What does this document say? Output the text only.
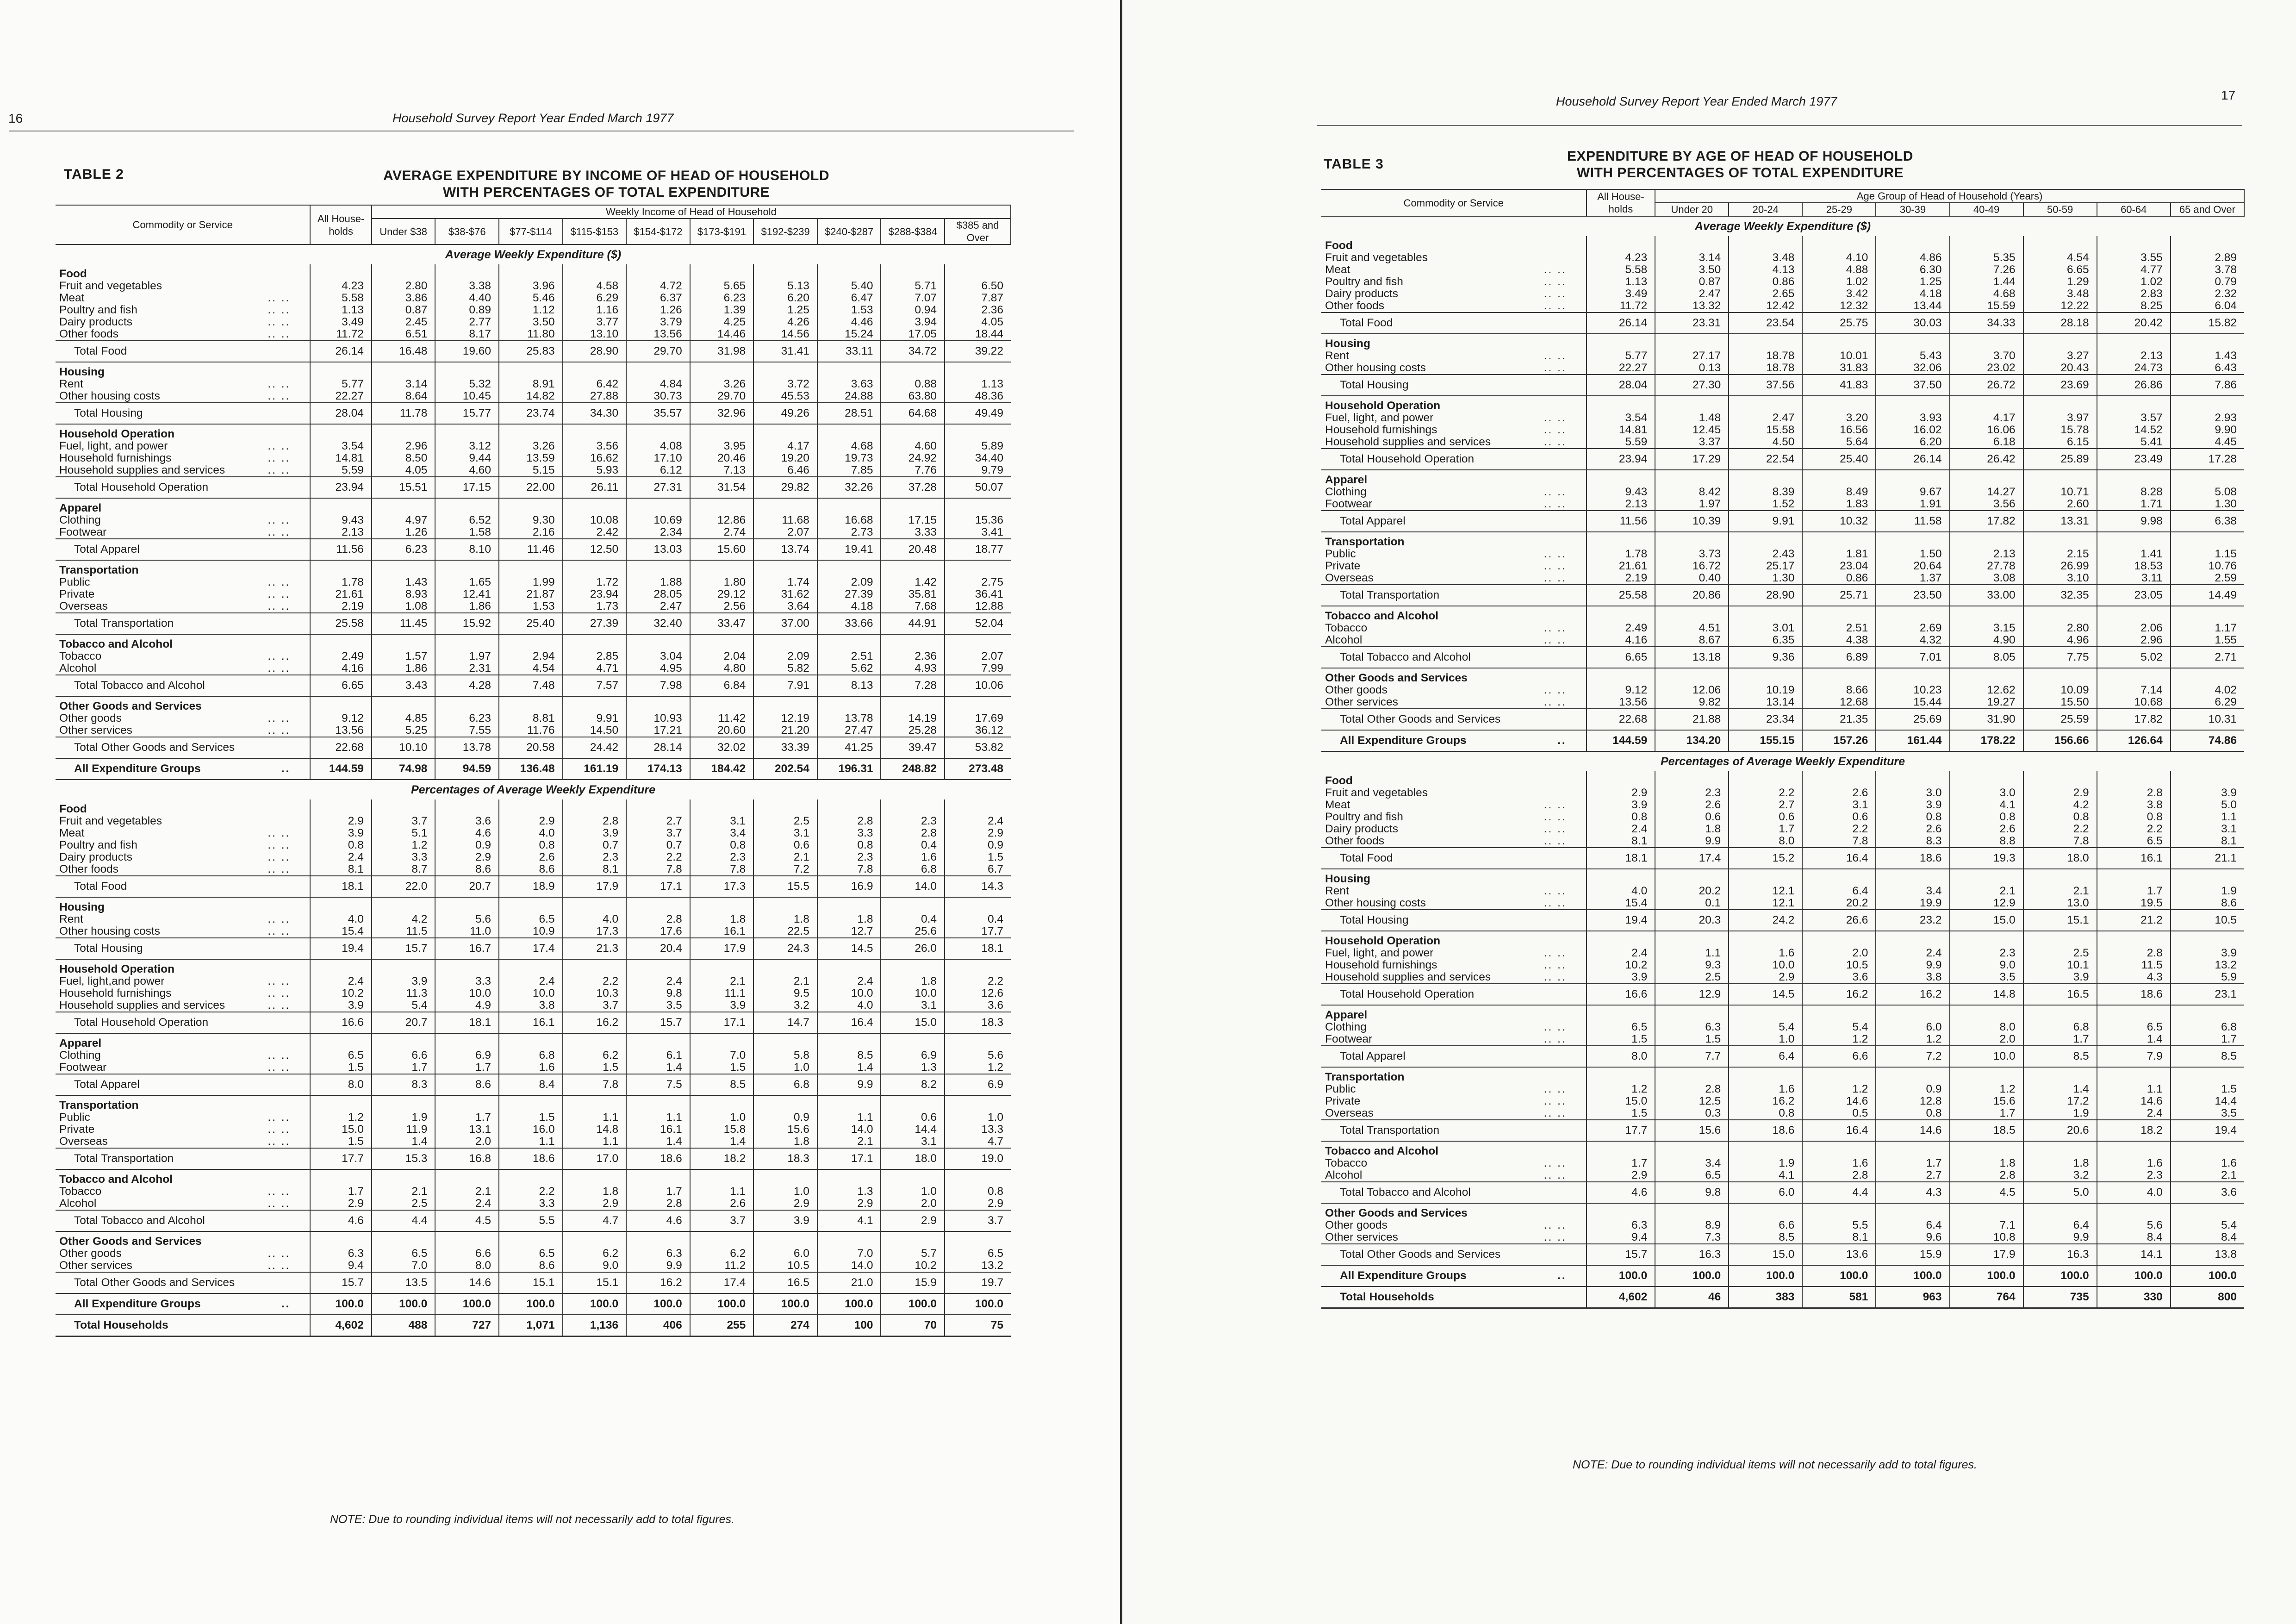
16	Household Survey Report Year Ended March 1977
TABLE 2	AVERAGE EXPENDITURE BY INCOME OF HEAD OF HOUSEHOLD
WITH PERCENTAGES OF TOTAL EXPENDITURE
Commodity or Service	All House-holds	Weekly Income of Head of Household									
		Under $38	$38-$76	$77-$114	$115-$153	$154-$172	$173-$191	$192-$239	$240-$287	$288-$384	$385 and Over
Average Weekly Expenditure ($)											
Food											
Fruit and vegetables	4.23	2.80	3.38	3.96	4.58	4.72	5.65	5.13	5.40	5.71	6.50
Meat .. ..	5.58	3.86	4.40	5.46	6.29	6.37	6.23	6.20	6.47	7.07	7.87
Poultry and fish .. ..	1.13	0.87	0.89	1.12	1.16	1.26	1.39	1.25	1.53	0.94	2.36
Dairy products .. ..	3.49	2.45	2.77	3.50	3.77	3.79	4.25	4.26	4.46	3.94	4.05
Other foods .. ..	11.72	6.51	8.17	11.80	13.10	13.56	14.46	14.56	15.24	17.05	18.44
Total Food	26.14	16.48	19.60	25.83	28.90	29.70	31.98	31.41	33.11	34.72	39.22
Housing											
Rent .. ..	5.77	3.14	5.32	8.91	6.42	4.84	3.26	3.72	3.63	0.88	1.13
Other housing costs .. ..	22.27	8.64	10.45	14.82	27.88	30.73	29.70	45.53	24.88	63.80	48.36
Total Housing	28.04	11.78	15.77	23.74	34.30	35.57	32.96	49.26	28.51	64.68	49.49
Household Operation											
Fuel, light, and power .. ..	3.54	2.96	3.12	3.26	3.56	4.08	3.95	4.17	4.68	4.60	5.89
Household furnishings .. ..	14.81	8.50	9.44	13.59	16.62	17.10	20.46	19.20	19.73	24.92	34.40
Household supplies and services .. ..	5.59	4.05	4.60	5.15	5.93	6.12	7.13	6.46	7.85	7.76	9.79
Total Household Operation	23.94	15.51	17.15	22.00	26.11	27.31	31.54	29.82	32.26	37.28	50.07
Apparel											
Clothing .. ..	9.43	4.97	6.52	9.30	10.08	10.69	12.86	11.68	16.68	17.15	15.36
Footwear .. ..	2.13	1.26	1.58	2.16	2.42	2.34	2.74	2.07	2.73	3.33	3.41
Total Apparel	11.56	6.23	8.10	11.46	12.50	13.03	15.60	13.74	19.41	20.48	18.77
Transportation											
Public .. ..	1.78	1.43	1.65	1.99	1.72	1.88	1.80	1.74	2.09	1.42	2.75
Private .. ..	21.61	8.93	12.41	21.87	23.94	28.05	29.12	31.62	27.39	35.81	36.41
Overseas .. ..	2.19	1.08	1.86	1.53	1.73	2.47	2.56	3.64	4.18	7.68	12.88
Total Transportation	25.58	11.45	15.92	25.40	27.39	32.40	33.47	37.00	33.66	44.91	52.04
Tobacco and Alcohol											
Tobacco .. ..	2.49	1.57	1.97	2.94	2.85	3.04	2.04	2.09	2.51	2.36	2.07
Alcohol .. ..	4.16	1.86	2.31	4.54	4.71	4.95	4.80	5.82	5.62	4.93	7.99
Total Tobacco and Alcohol	6.65	3.43	4.28	7.48	7.57	7.98	6.84	7.91	8.13	7.28	10.06
Other Goods and Services											
Other goods .. ..	9.12	4.85	6.23	8.81	9.91	10.93	11.42	12.19	13.78	14.19	17.69
Other services .. ..	13.56	5.25	7.55	11.76	14.50	17.21	20.60	21.20	27.47	25.28	36.12
Total Other Goods and Services	22.68	10.10	13.78	20.58	24.42	28.14	32.02	33.39	41.25	39.47	53.82
All Expenditure Groups ..	144.59	74.98	94.59	136.48	161.19	174.13	184.42	202.54	196.31	248.82	273.48
Percentages of Average Weekly Expenditure											
Food											
Fruit and vegetables	2.9	3.7	3.6	2.9	2.8	2.7	3.1	2.5	2.8	2.3	2.4
Meat .. ..	3.9	5.1	4.6	4.0	3.9	3.7	3.4	3.1	3.3	2.8	2.9
Poultry and fish .. ..	0.8	1.2	0.9	0.8	0.7	0.7	0.8	0.6	0.8	0.4	0.9
Dairy products .. ..	2.4	3.3	2.9	2.6	2.3	2.2	2.3	2.1	2.3	1.6	1.5
Other foods .. ..	8.1	8.7	8.6	8.6	8.1	7.8	7.8	7.2	7.8	6.8	6.7
Total Food	18.1	22.0	20.7	18.9	17.9	17.1	17.3	15.5	16.9	14.0	14.3
Housing											
Rent .. ..	4.0	4.2	5.6	6.5	4.0	2.8	1.8	1.8	1.8	0.4	0.4
Other housing costs .. ..	15.4	11.5	11.0	10.9	17.3	17.6	16.1	22.5	12.7	25.6	17.7
Total Housing	19.4	15.7	16.7	17.4	21.3	20.4	17.9	24.3	14.5	26.0	18.1
Household Operation											
Fuel, light,and power .. ..	2.4	3.9	3.3	2.4	2.2	2.4	2.1	2.1	2.4	1.8	2.2
Household furnishings .. ..	10.2	11.3	10.0	10.0	10.3	9.8	11.1	9.5	10.0	10.0	12.6
Household supplies and services .. ..	3.9	5.4	4.9	3.8	3.7	3.5	3.9	3.2	4.0	3.1	3.6
Total Household Operation	16.6	20.7	18.1	16.1	16.2	15.7	17.1	14.7	16.4	15.0	18.3
Apparel											
Clothing .. ..	6.5	6.6	6.9	6.8	6.2	6.1	7.0	5.8	8.5	6.9	5.6
Footwear .. ..	1.5	1.7	1.7	1.6	1.5	1.4	1.5	1.0	1.4	1.3	1.2
Total Apparel	8.0	8.3	8.6	8.4	7.8	7.5	8.5	6.8	9.9	8.2	6.9
Transportation											
Public .. ..	1.2	1.9	1.7	1.5	1.1	1.1	1.0	0.9	1.1	0.6	1.0
Private .. ..	15.0	11.9	13.1	16.0	14.8	16.1	15.8	15.6	14.0	14.4	13.3
Overseas .. ..	1.5	1.4	2.0	1.1	1.1	1.4	1.4	1.8	2.1	3.1	4.7
Total Transportation	17.7	15.3	16.8	18.6	17.0	18.6	18.2	18.3	17.1	18.0	19.0
Tobacco and Alcohol											
Tobacco .. ..	1.7	2.1	2.1	2.2	1.8	1.7	1.1	1.0	1.3	1.0	0.8
Alcohol .. ..	2.9	2.5	2.4	3.3	2.9	2.8	2.6	2.9	2.9	2.0	2.9
Total Tobacco and Alcohol	4.6	4.4	4.5	5.5	4.7	4.6	3.7	3.9	4.1	2.9	3.7
Other Goods and Services											
Other goods .. ..	6.3	6.5	6.6	6.5	6.2	6.3	6.2	6.0	7.0	5.7	6.5
Other services .. ..	9.4	7.0	8.0	8.6	9.0	9.9	11.2	10.5	14.0	10.2	13.2
Total Other Goods and Services	15.7	13.5	14.6	15.1	15.1	16.2	17.4	16.5	21.0	15.9	19.7
All Expenditure Groups ..	100.0	100.0	100.0	100.0	100.0	100.0	100.0	100.0	100.0	100.0	100.0
Total Households	4,602	488	727	1,071	1,136	406	255	274	100	70	75
NOTE: Due to rounding individual items will not necessarily add to total figures.
17
Household Survey Report Year Ended March 1977
TABLE 3
EXPENDITURE BY AGE OF HEAD OF HOUSEHOLD
WITH PERCENTAGES OF TOTAL EXPENDITURE
Commodity or Service	All House-holds	Age Group of Head of Household (Years)							
		Under 20	20-24	25-29	30-39	40-49	50-59	60-64	65 and Over
Average Weekly Expenditure ($)									
Food									
Fruit and vegetables	4.23	3.14	3.48	4.10	4.86	5.35	4.54	3.55	2.89
Meat .. ..	5.58	3.50	4.13	4.88	6.30	7.26	6.65	4.77	3.78
Poultry and fish .. ..	1.13	0.87	0.86	1.02	1.25	1.44	1.29	1.02	0.79
Dairy products .. ..	3.49	2.47	2.65	3.42	4.18	4.68	3.48	2.83	2.32
Other foods .. ..	11.72	13.32	12.42	12.32	13.44	15.59	12.22	8.25	6.04
Total Food	26.14	23.31	23.54	25.75	30.03	34.33	28.18	20.42	15.82
Housing									
Rent .. ..	5.77	27.17	18.78	10.01	5.43	3.70	3.27	2.13	1.43
Other housing costs .. ..	22.27	0.13	18.78	31.83	32.06	23.02	20.43	24.73	6.43
Total Housing	28.04	27.30	37.56	41.83	37.50	26.72	23.69	26.86	7.86
Household Operation									
Fuel, light, and power .. ..	3.54	1.48	2.47	3.20	3.93	4.17	3.97	3.57	2.93
Household furnishings .. ..	14.81	12.45	15.58	16.56	16.02	16.06	15.78	14.52	9.90
Household supplies and services .. ..	5.59	3.37	4.50	5.64	6.20	6.18	6.15	5.41	4.45
Total Household Operation	23.94	17.29	22.54	25.40	26.14	26.42	25.89	23.49	17.28
Apparel									
Clothing .. ..	9.43	8.42	8.39	8.49	9.67	14.27	10.71	8.28	5.08
Footwear .. ..	2.13	1.97	1.52	1.83	1.91	3.56	2.60	1.71	1.30
Total Apparel	11.56	10.39	9.91	10.32	11.58	17.82	13.31	9.98	6.38
Transportation									
Public .. ..	1.78	3.73	2.43	1.81	1.50	2.13	2.15	1.41	1.15
Private .. ..	21.61	16.72	25.17	23.04	20.64	27.78	26.99	18.53	10.76
Overseas .. ..	2.19	0.40	1.30	0.86	1.37	3.08	3.10	3.11	2.59
Total Transportation	25.58	20.86	28.90	25.71	23.50	33.00	32.35	23.05	14.49
Tobacco and Alcohol									
Tobacco .. ..	2.49	4.51	3.01	2.51	2.69	3.15	2.80	2.06	1.17
Alcohol .. ..	4.16	8.67	6.35	4.38	4.32	4.90	4.96	2.96	1.55
Total Tobacco and Alcohol	6.65	13.18	9.36	6.89	7.01	8.05	7.75	5.02	2.71
Other Goods and Services									
Other goods .. ..	9.12	12.06	10.19	8.66	10.23	12.62	10.09	7.14	4.02
Other services .. ..	13.56	9.82	13.14	12.68	15.44	19.27	15.50	10.68	6.29
Total Other Goods and Services	22.68	21.88	23.34	21.35	25.69	31.90	25.59	17.82	10.31
All Expenditure Groups ..	144.59	134.20	155.15	157.26	161.44	178.22	156.66	126.64	74.86
Percentages of Average Weekly Expenditure									
Food									
Fruit and vegetables	2.9	2.3	2.2	2.6	3.0	3.0	2.9	2.8	3.9
Meat .. ..	3.9	2.6	2.7	3.1	3.9	4.1	4.2	3.8	5.0
Poultry and fish .. ..	0.8	0.6	0.6	0.6	0.8	0.8	0.8	0.8	1.1
Dairy products .. ..	2.4	1.8	1.7	2.2	2.6	2.6	2.2	2.2	3.1
Other foods .. ..	8.1	9.9	8.0	7.8	8.3	8.8	7.8	6.5	8.1
Total Food	18.1	17.4	15.2	16.4	18.6	19.3	18.0	16.1	21.1
Housing									
Rent .. ..	4.0	20.2	12.1	6.4	3.4	2.1	2.1	1.7	1.9
Other housing costs .. ..	15.4	0.1	12.1	20.2	19.9	12.9	13.0	19.5	8.6
Total Housing	19.4	20.3	24.2	26.6	23.2	15.0	15.1	21.2	10.5
Household Operation									
Fuel, light, and power .. ..	2.4	1.1	1.6	2.0	2.4	2.3	2.5	2.8	3.9
Household furnishings .. ..	10.2	9.3	10.0	10.5	9.9	9.0	10.1	11.5	13.2
Household supplies and services .. ..	3.9	2.5	2.9	3.6	3.8	3.5	3.9	4.3	5.9
Total Household Operation	16.6	12.9	14.5	16.2	16.2	14.8	16.5	18.6	23.1
Apparel									
Clothing .. ..	6.5	6.3	5.4	5.4	6.0	8.0	6.8	6.5	6.8
Footwear .. ..	1.5	1.5	1.0	1.2	1.2	2.0	1.7	1.4	1.7
Total Apparel	8.0	7.7	6.4	6.6	7.2	10.0	8.5	7.9	8.5
Transportation									
Public .. ..	1.2	2.8	1.6	1.2	0.9	1.2	1.4	1.1	1.5
Private .. ..	15.0	12.5	16.2	14.6	12.8	15.6	17.2	14.6	14.4
Overseas .. ..	1.5	0.3	0.8	0.5	0.8	1.7	1.9	2.4	3.5
Total Transportation	17.7	15.6	18.6	16.4	14.6	18.5	20.6	18.2	19.4
Tobacco and Alcohol									
Tobacco .. ..	1.7	3.4	1.9	1.6	1.7	1.8	1.8	1.6	1.6
Alcohol .. ..	2.9	6.5	4.1	2.8	2.7	2.8	3.2	2.3	2.1
Total Tobacco and Alcohol	4.6	9.8	6.0	4.4	4.3	4.5	5.0	4.0	3.6
Other Goods and Services									
Other goods .. ..	6.3	8.9	6.6	5.5	6.4	7.1	6.4	5.6	5.4
Other services .. ..	9.4	7.3	8.5	8.1	9.6	10.8	9.9	8.4	8.4
Total Other Goods and Services	15.7	16.3	15.0	13.6	15.9	17.9	16.3	14.1	13.8
All Expenditure Groups ..	100.0	100.0	100.0	100.0	100.0	100.0	100.0	100.0	100.0
Total Households	4,602	46	383	581	963	764	735	330	800
NOTE: Due to rounding individual items will not necessarily add to total figures.
